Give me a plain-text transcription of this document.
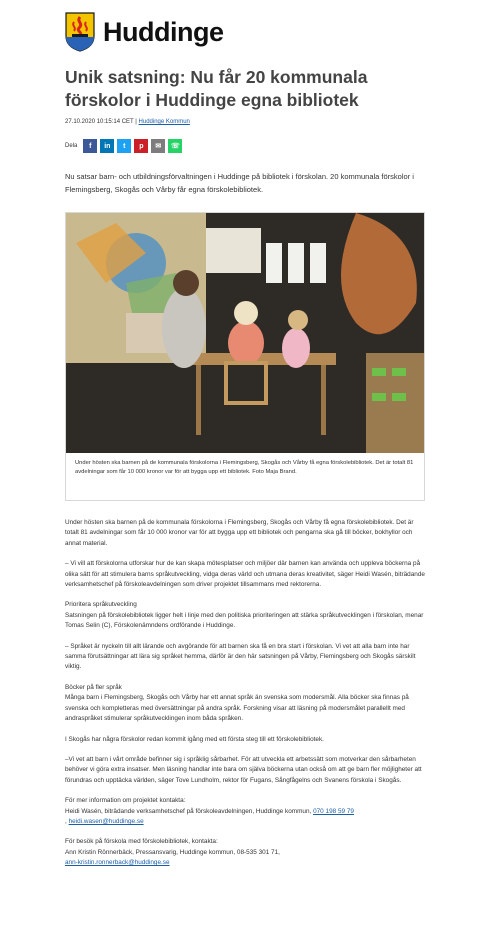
Huddinge
Unik satsning: Nu får 20 kommunala förskolor i Huddinge egna bibliotek
27.10.2020 10:15:14 CET | Huddinge Kommun
Dela f in t p ✉ ☏

Nu satsar barn- och utbildningsförvaltningen i Huddinge på bibliotek i förskolan. 20 kommunala förskolor i Flemingsberg, Skogås och Vårby får egna förskolebibliotek.

Under hösten ska barnen på de kommunala förskolorna i Flemingsberg, Skogås och Vårby få egna förskolebibliotek. Det är totalt 81 avdelningar som får 10 000 kronor var för att bygga upp ett bibliotek. Foto Maja Brand.

Under hösten ska barnen på de kommunala förskolorna i Flemingsberg, Skogås och Vårby få egna förskolebibliotek. Det är totalt 81 avdelningar som får 10 000 kronor var för att bygga upp ett bibliotek och pengarna ska gå till böcker, bokhyllor och annat material.

– Vi vill att förskolorna utforskar hur de kan skapa mötesplatser och miljöer där barnen kan använda och uppleva böckerna på olika sätt för att stimulera barns språkutveckling, vidga deras värld och utmana deras kreativitet, säger Heidi Wasén, biträdande verksamhetschef på förskoleavdelningen som driver projektet tillsammans med rektorerna.

Prioritera språkutveckling

Satsningen på förskolebibliotek ligger helt i linje med den politiska prioriteringen att stärka språkutvecklingen i förskolan, menar Tomas Selin (C), Förskolenämndens ordförande i Huddinge.

– Språket är nyckeln till allt lärande och avgörande för att barnen ska få en bra start i förskolan. Vi vet att alla barn inte har samma förutsättningar att lära sig språket hemma, därför är den här satsningen på Vårby, Flemingsberg och Skogås särskilt viktig.

Böcker på fler språk

Många barn i Flemingsberg, Skogås och Vårby har ett annat språk än svenska som modersmål. Alla böcker ska finnas på svenska och kompletteras med översättningar på andra språk. Forskning visar att läsning på modersmålet parallellt med andraspråket stimulerar språkutvecklingen inom båda språken.

I Skogås har några förskolor redan kommit igång med ett första steg till ett förskolebibliotek.

–Vi vet att barn i vårt område befinner sig i språklig sårbarhet. För att utveckla ett arbetssätt som motverkar den sårbarheten behöver vi göra extra insatser. Men läsning handlar inte bara om själva böckerna utan också om att ge barn fler möjligheter att förundras och upptäcka världen, säger Tove Lundholm, rektor för Fugans, Sångfågelns och Svanens förskola i Skogås.

För mer information om projektet kontakta:
Heidi Wasén, biträdande verksamhetschef på förskoleavdelningen, Huddinge kommun, 070 198 59 79
, heidi.wasen@huddinge.se

För besök på förskola med förskolebibliotek, kontakta:
Ann Kristin Rönnerbäck, Pressansvarig, Huddinge kommun, 08-535 301 71,
ann-kristin.ronnerback@huddinge.se
